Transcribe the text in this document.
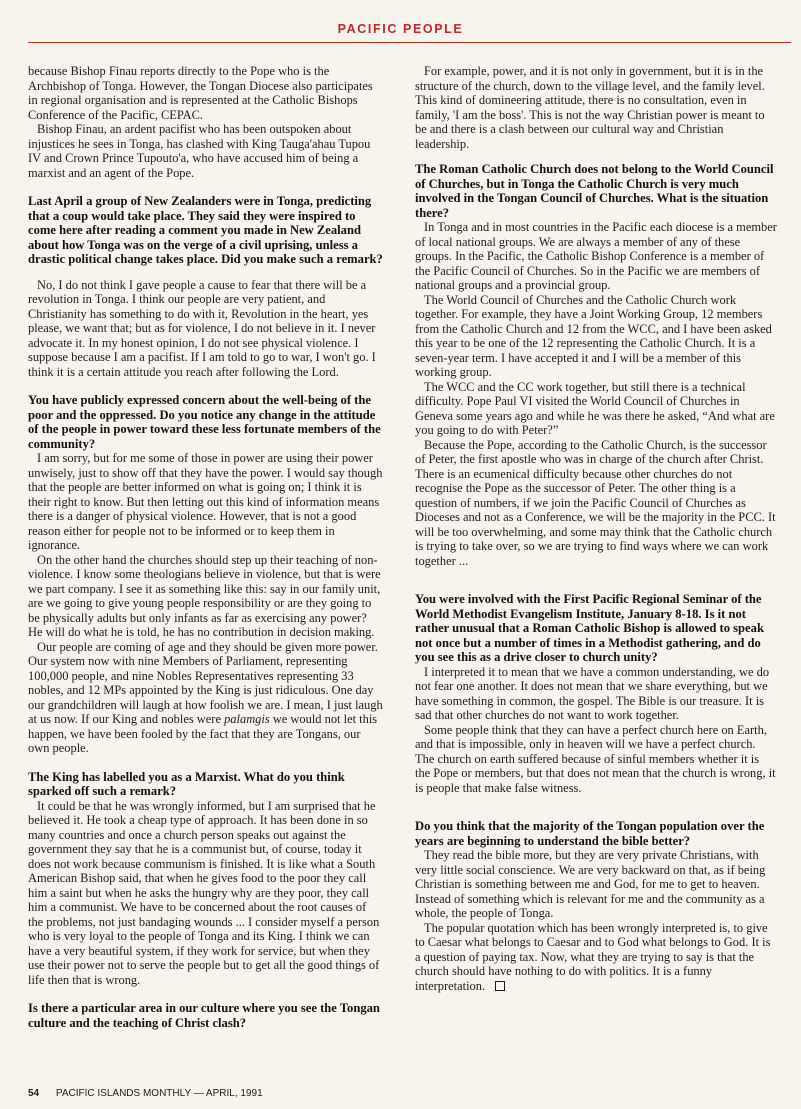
PACIFIC PEOPLE

because Bishop Finau reports directly to the Pope who is the Archbishop of Tonga. However, the Tongan Diocese also participates in regional organisation and is represented at the Catholic Bishops Conference of the Pacific, CEPAC.

Bishop Finau, an ardent pacifist who has been outspoken about injustices he sees in Tonga, has clashed with King Tauga'ahau Tupou IV and Crown Prince Tupouto'a, who have accused him of being a marxist and an agent of the Pope.

Last April a group of New Zealanders were in Tonga, predicting that a coup would take place. They said they were inspired to come here after reading a comment you made in New Zealand about how Tonga was on the verge of a civil uprising, unless a drastic political change takes place. Did you make such a remark?

No, I do not think I gave people a cause to fear that there will be a revolution in Tonga. I think our people are very patient, and Christianity has something to do with it, Revolution in the heart, yes please, we want that; but as for violence, I do not believe in it. I never advocate it. In my honest opinion, I do not see physical violence. I suppose because I am a pacifist. If I am told to go to war, I won't go. I think it is a certain attitude you reach after following the Lord.

You have publicly expressed concern about the well-being of the poor and the oppressed. Do you notice any change in the attitude of the people in power toward these less fortunate members of the community?

I am sorry, but for me some of those in power are using their power unwisely, just to show off that they have the power. I would say though that the people are better informed on what is going on; I think it is their right to know. But then letting out this kind of information means there is a danger of physical violence. However, that is not a good reason either for people not to be informed or to keep them in ignorance.

On the other hand the churches should step up their teaching of non-violence. I know some theologians believe in violence, but that is were we part company. I see it as something like this: say in our family unit, are we going to give young people responsibility or are they going to be physically adults but only infants as far as exercising any power? He will do what he is told, he has no contribution in decision making.

Our people are coming of age and they should be given more power. Our system now with nine Members of Parliament, representing 100,000 people, and nine Nobles Representatives representing 33 nobles, and 12 MPs appointed by the King is just ridiculous. One day our grandchildren will laugh at how foolish we are. I mean, I just laugh at us now. If our King and nobles were palamgis we would not let this happen, we have been fooled by the fact that they are Tongans, our own people.

The King has labelled you as a Marxist. What do you think sparked off such a remark?

It could be that he was wrongly informed, but I am surprised that he believed it. He took a cheap type of approach. It has been done in so many countries and once a church person speaks out against the government they say that he is a communist but, of course, today it does not work because communism is finished. It is like what a South American Bishop said, that when he gives food to the poor they call him a saint but when he asks the hungry why are they poor, they call him a communist. We have to be concerned about the root causes of the problems, not just bandaging wounds ... I consider myself a person who is very loyal to the people of Tonga and its King. I think we can have a very beautiful system, if they work for service, but when they use their power not to serve the people but to get all the good things of life then that is wrong.

Is there a particular area in our culture where you see the Tongan culture and the teaching of Christ clash?

For example, power, and it is not only in government, but it is in the structure of the church, down to the village level, and the family level. This kind of domineering attitude, there is no consultation, even in family, 'I am the boss'. This is not the way Christian power is meant to be and there is a clash between our cultural way and Christian leadership.

The Roman Catholic Church does not belong to the World Council of Churches, but in Tonga the Catholic Church is very much involved in the Tongan Council of Churches. What is the situation there?

In Tonga and in most countries in the Pacific each diocese is a member of local national groups. We are always a member of any of these groups. In the Pacific, the Catholic Bishop Conference is a member of the Pacific Council of Churches. So in the Pacific we are members of national groups and a provincial group.

The World Council of Churches and the Catholic Church work together. For example, they have a Joint Working Group, 12 members from the Catholic Church and 12 from the WCC, and I have been asked this year to be one of the 12 representing the Catholic Church. It is a seven-year term. I have accepted it and I will be a member of this working group.

The WCC and the CC work together, but still there is a technical difficulty. Pope Paul VI visited the World Council of Churches in Geneva some years ago and while he was there he asked, “And what are you going to do with Peter?”

Because the Pope, according to the Catholic Church, is the successor of Peter, the first apostle who was in charge of the church after Christ. There is an ecumenical difficulty because other churches do not recognise the Pope as the successor of Peter. The other thing is a question of numbers, if we join the Pacific Council of Churches as Dioceses and not as a Conference, we will be the majority in the PCC. It will be too overwhelming, and some may think that the Catholic church is trying to take over, so we are trying to find ways where we can work together ...

You were involved with the First Pacific Regional Seminar of the World Methodist Evangelism Institute, January 8-18. Is it not rather unusual that a Roman Catholic Bishop is allowed to speak not once but a number of times in a Methodist gathering, and do you see this as a drive closer to church unity?

I interpreted it to mean that we have a common understanding, we do not fear one another. It does not mean that we share everything, but we have something in common, the gospel. The Bible is our treasure. It is sad that other churches do not want to work together.

Some people think that they can have a perfect church here on Earth, and that is impossible, only in heaven will we have a perfect church. The church on earth suffered because of sinful members whether it is the Pope or members, but that does not mean that the church is wrong, it is people that make false witness.

Do you think that the majority of the Tongan population over the years are beginning to understand the bible better?

They read the bible more, but they are very private Christians, with very little social conscience. We are very backward on that, as if being Christian is something between me and God, for me to get to heaven. Instead of something which is relevant for me and the community as a whole, the people of Tonga.

The popular quotation which has been wrongly interpreted is, to give to Caesar what belongs to Caesar and to God what belongs to God. It is a question of paying tax. Now, what they are trying to say is that the church should have nothing to do with politics. It is a funny interpretation.

54 PACIFIC ISLANDS MONTHLY — APRIL, 1991
